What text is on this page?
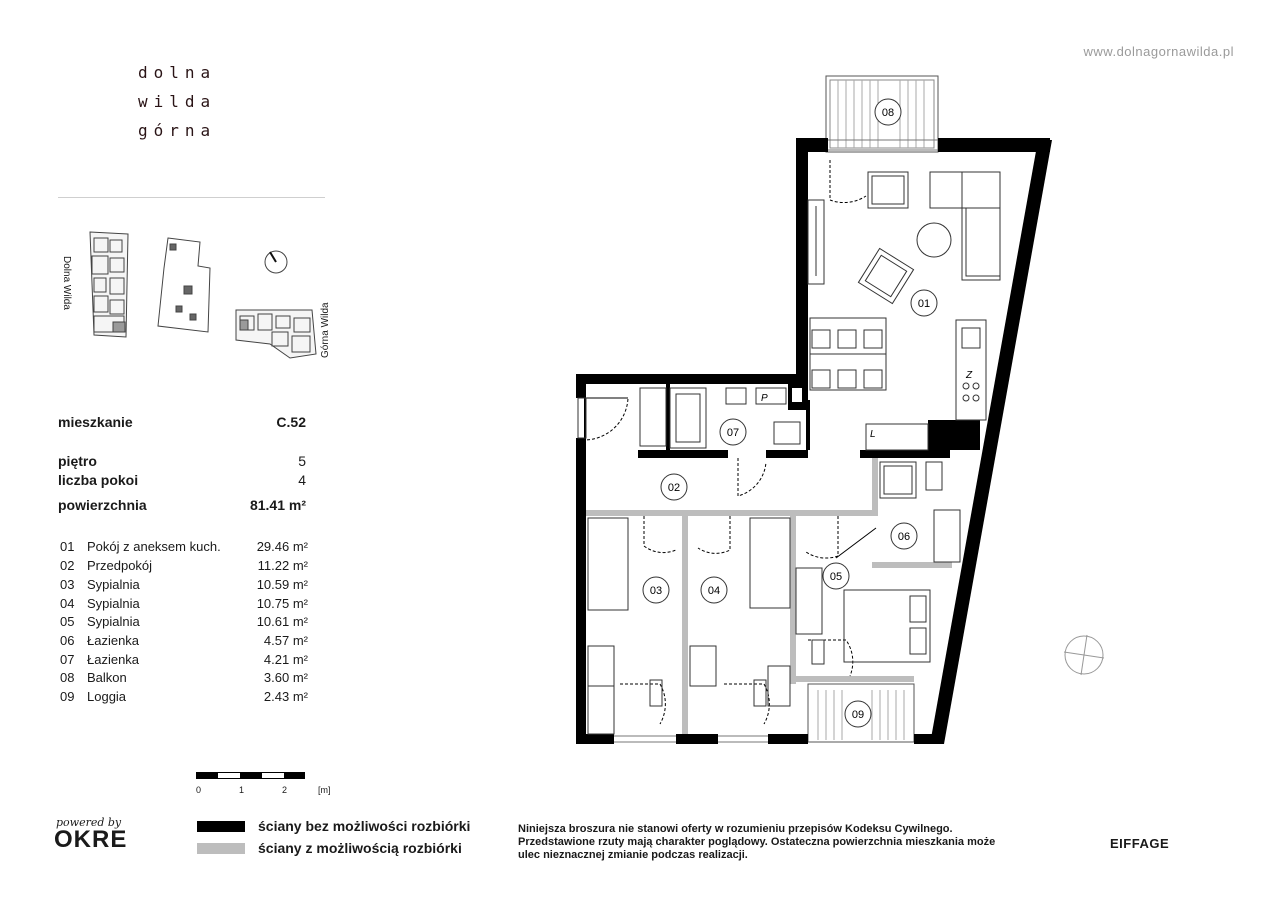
dolna
wilda
górna
www.dolnagornawilda.pl
Dolna Wilda
Górna Wilda
mieszkanie	C.52
piętro	5
liczba pokoi	4
powierzchnia	81.41 m²
01 Pokój z aneksem kuch.	29.46 m²
02 Przedpokój	11.22 m²
03 Sypialnia	10.59 m²
04 Sypialnia	10.75 m²
05 Sypialnia	10.61 m²
06 Łazienka	4.57 m²
07 Łazienka	4.21 m²
08 Balkon	3.60 m²
09 Loggia	2.43 m²
0	1	2	[m]
ściany bez możliwości rozbiórki
ściany z możliwością rozbiórki
powered by
OKRE	Niniejsza broszura nie stanowi oferty w rozumieniu przepisów Kodeksu Cywilnego.
Przedstawione rzuty mają charakter poglądowy. Ostateczna powierzchnia mieszkania może
ulec nieznacznej zmianie podczas realizacji.
EIFFAGE
01
02
03	04
05
06
07
08
09
P
L
Z
